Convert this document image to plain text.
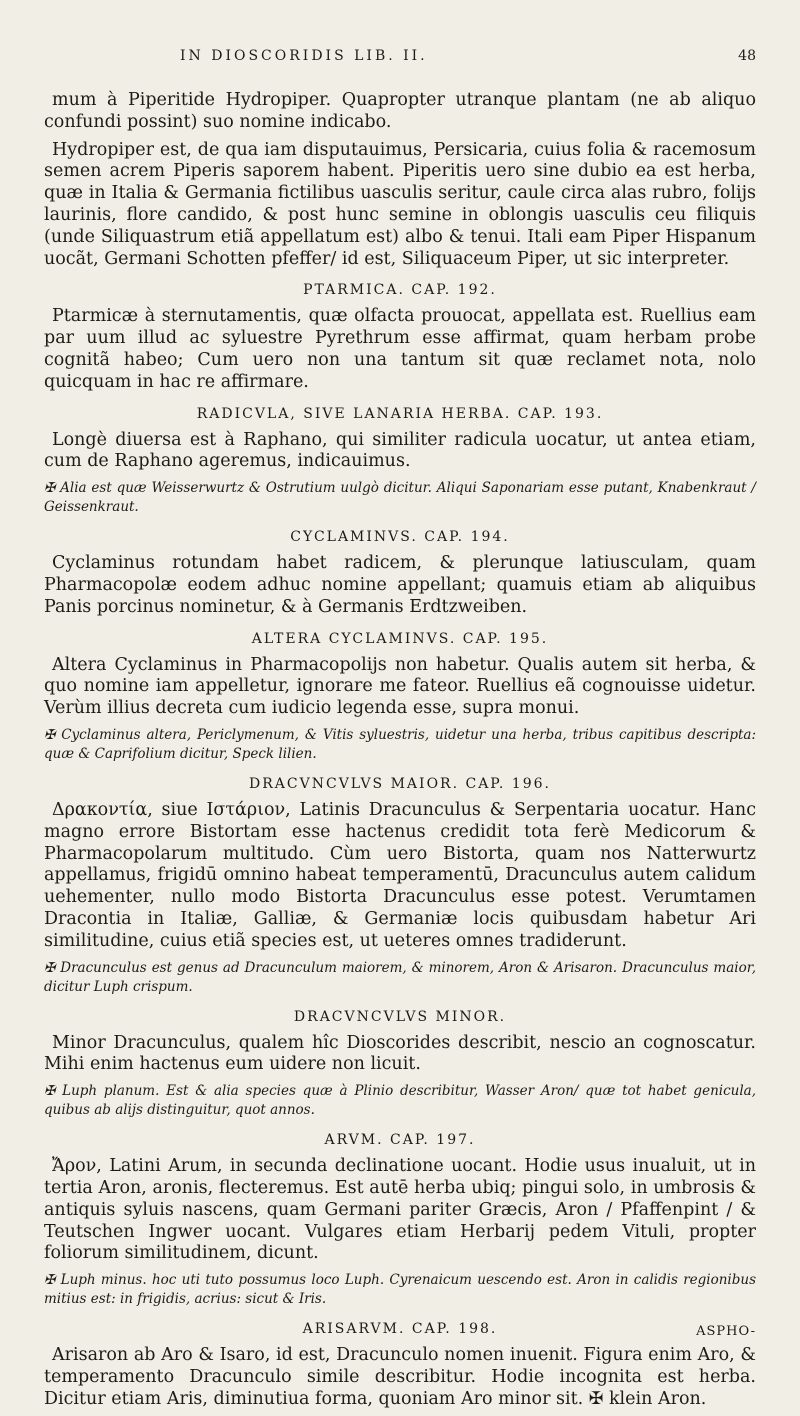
IN DIOSCORIDIS LIB. II.	48

mum à Piperitide Hydropiper. Quapropter utranque plantam (ne ab aliquo confundi possint) suo nomine indicabo.

Hydropiper est, de qua iam disputauimus, Persicaria, cuius folia & racemosum semen acrem Piperis saporem habent. Piperitis uero sine dubio ea est herba, quæ in Italia & Germania fictilibus uasculis seritur, caule circa alas rubro, folijs laurinis, flore candido, & post hunc semine in oblongis uasculis ceu filiquis (unde Siliquastrum etiã appellatum est) albo & tenui. Itali eam Piper Hispanum uocãt, Germani Schotten pfeffer/ id est, Siliquaceum Piper, ut sic interpreter.

PTARMICA. CAP. 192.

Ptarmicæ à sternutamentis, quæ olfacta prouocat, appellata est. Ruellius eam par uum illud ac syluestre Pyrethrum esse affirmat, quam herbam probe cognitã habeo; Cum uero non una tantum sit quæ reclamet nota, nolo quicquam in hac re affirmare.

RADICVLA, SIVE LANARIA HERBA. CAP. 193.

Longè diuersa est à Raphano, qui similiter radicula uocatur, ut antea etiam, cum de Raphano ageremus, indicauimus.

✠ Alia est quæ Weisserwurtz & Ostrutium uulgò dicitur. Aliqui Saponariam esse putant, Knabenkraut / Geissenkraut.

CYCLAMINVS. CAP. 194.

Cyclaminus rotundam habet radicem, & plerunque latiusculam, quam Pharmacopolæ eodem adhuc nomine appellant; quamuis etiam ab aliquibus Panis porcinus nominetur, & à Germanis Erdtzweiben.

ALTERA CYCLAMINVS. CAP. 195.

Altera Cyclaminus in Pharmacopolijs non habetur. Qualis autem sit herba, & quo nomine iam appelletur, ignorare me fateor. Ruellius eã cognouisse uidetur. Verùm illius decreta cum iudicio legenda esse, supra monui.

✠ Cyclaminus altera, Periclymenum, & Vitis syluestris, uidetur una herba, tribus capitibus descripta: quæ & Caprifolium dicitur, Speck lilien.

DRACVNCVLVS MAIOR. CAP. 196.

Δρακοντία, siue Ιστάριον, Latinis Dracunculus & Serpentaria uocatur. Hanc magno errore Bistortam esse hactenus credidit tota ferè Medicorum & Pharmacopolarum multitudo. Cùm uero Bistorta, quam nos Natterwurtz appellamus, frigidū omnino habeat temperamentū, Dracunculus autem calidum uehementer, nullo modo Bistorta Dracunculus esse potest. Verumtamen Dracontia in Italiæ, Galliæ, & Germaniæ locis quibusdam habetur Ari similitudine, cuius etiã species est, ut ueteres omnes tradiderunt.

✠ Dracunculus est genus ad Dracunculum maiorem, & minorem, Aron & Arisaron. Dracunculus maior, dicitur Luph crispum.

DRACVNCVLVS MINOR.

Minor Dracunculus, qualem hîc Dioscorides describit, nescio an cognoscatur. Mihi enim hactenus eum uidere non licuit.

✠ Luph planum. Est & alia species quæ à Plinio describitur, Wasser Aron/ quæ tot habet genicula, quibus ab alijs distinguitur, quot annos.

ARVM. CAP. 197.

Ἄρον, Latini Arum, in secunda declinatione uocant. Hodie usus inualuit, ut in tertia Aron, aronis, flecteremus. Est autē herba ubiq; pingui solo, in umbrosis & antiquis syluis nascens, quam Germani pariter Græcis, Aron / Pfaffenpint / & Teutschen Ingwer uocant. Vulgares etiam Herbarij pedem Vituli, propter foliorum similitudinem, dicunt.

✠ Luph minus. hoc uti tuto possumus loco Luph. Cyrenaicum uescendo est. Aron in calidis regionibus mitius est: in frigidis, acrius: sicut & Iris.

ARISARVM. CAP. 198.

Arisaron ab Aro & Isaro, id est, Dracunculo nomen inuenit. Figura enim Aro, & temperamento Dracunculo simile describitur. Hodie incognita est herba. Dicitur etiam Aris, diminutiua forma, quoniam Aro minor sit. ✠ klein Aron.

ASPHO-
